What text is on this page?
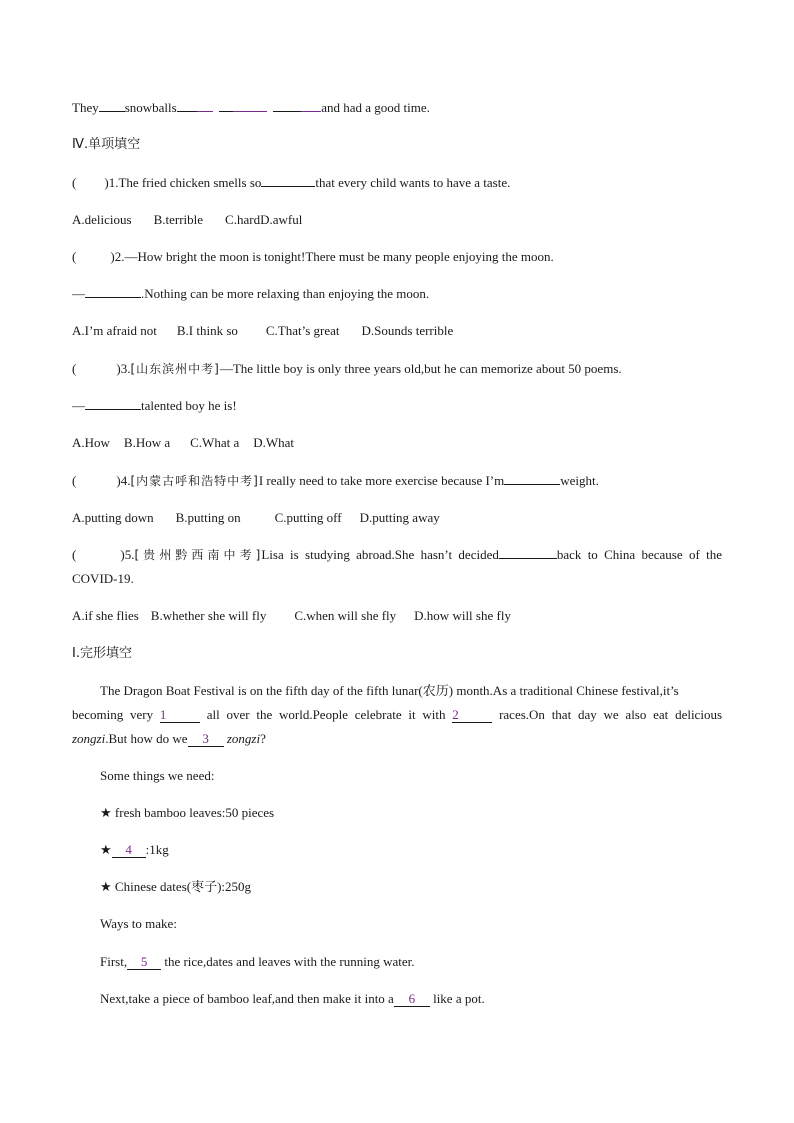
They snowballs	and had a good time.
Ⅳ.单项填空
( )1.The fried chicken smells so	that every child wants to have a taste.
A.delicious B.terrible C.hardD.awful
(	)2.—How bright the moon is tonight!There must be many people enjoying the moon.
—	.Nothing can be more relaxing than enjoying the moon.
A.I’m afraid not B.I think so C.That’s great D.Sounds terrible
(	)3.[山东滨州中考]—The little boy is only three years old,but he can memorize about 50 poems.
—	talented boy he is!
A.How B.How a C.What a D.What
(	)4.[内蒙古呼和浩特中考]I really need to take more exercise because I’m	weight.
A.putting down B.putting on	C.putting off D.putting away
(	)5.[贵州黔西南中考]Lisa is studying abroad.She hasn’t decided	back to China because of the
COVID-19.
A.if she flies B.whether she will fly C.when will she fly D.how will she fly
Ⅰ.完形填空
The Dragon Boat Festival is on the fifth day of the fifth lunar(农历) month.As a traditional Chinese festival,it’s
becoming very 1	all over the world.People celebrate it with 2	races.On that day we also eat delicious
zongzi.But how do we 3 zongzi?
Some things we need:
★ fresh bamboo leaves:50 pieces
★ 4 :1kg
★ Chinese dates(枣子):250g
Ways to make:
First, 5 the rice,dates and leaves with the running water.
Next,take a piece of bamboo leaf,and then make it into a 6 like a pot.
